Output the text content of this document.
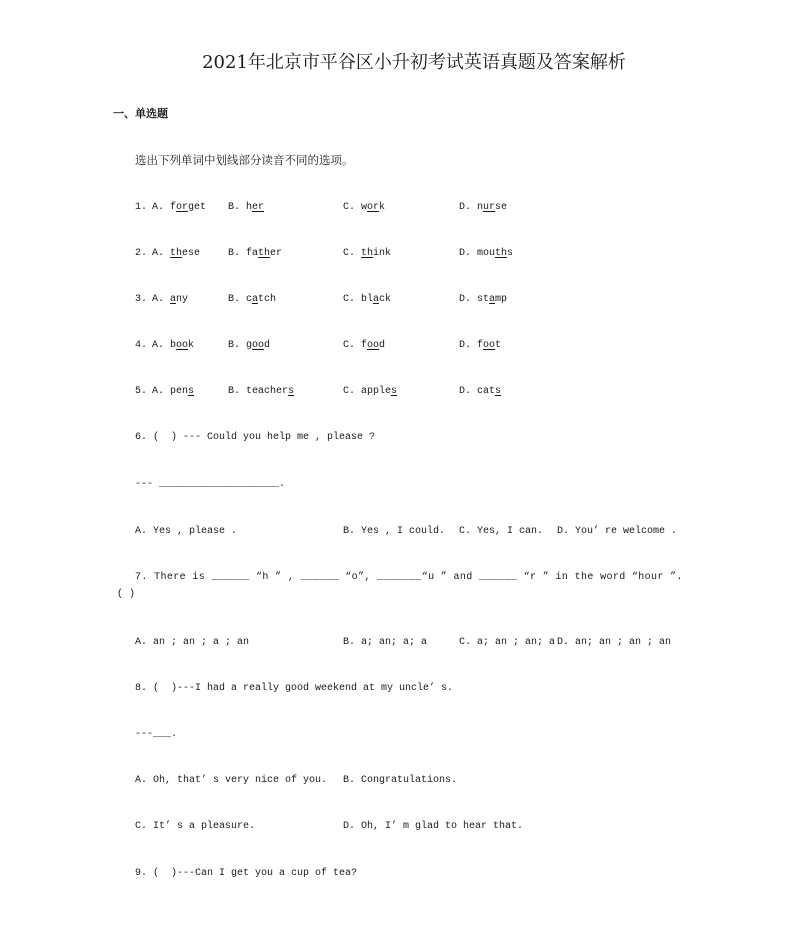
2021年北京市平谷区小升初考试英语真题及答案解析
一、单选题
选出下列单词中划线部分读音不同的选项。
1. A. forget B. her	C. work	D. nurse
2. A. these	B. father	C. think	D. mouths
3. A. any	B. catch	C. black	D. stamp
4. A. book	B. good	C. food	D. foot
5. A. pens	B. teachers	C. apples	D. cats
6. (  ) --- Could you help me , please ?
--- ____________________.
A. Yes , please .	B. Yes , I could. C. Yes, I can. D. You’ re welcome .
7. There is ______ “h ” , ______ “o”, _______“u ” and ______ “r ” in the word “hour ”.
( )
A. an ; an ; a ; an	B. a; an; a; a	C. a; an ; an; a D. an; an ; an ; an
8. (  )---I had a really good weekend at my uncle’ s.
---___.
A. Oh, that’ s very nice of you. B. Congratulations.
C. It’ s a pleasure.	D. Oh, I’ m glad to hear that.
9. (  )---Can I get you a cup of tea?
